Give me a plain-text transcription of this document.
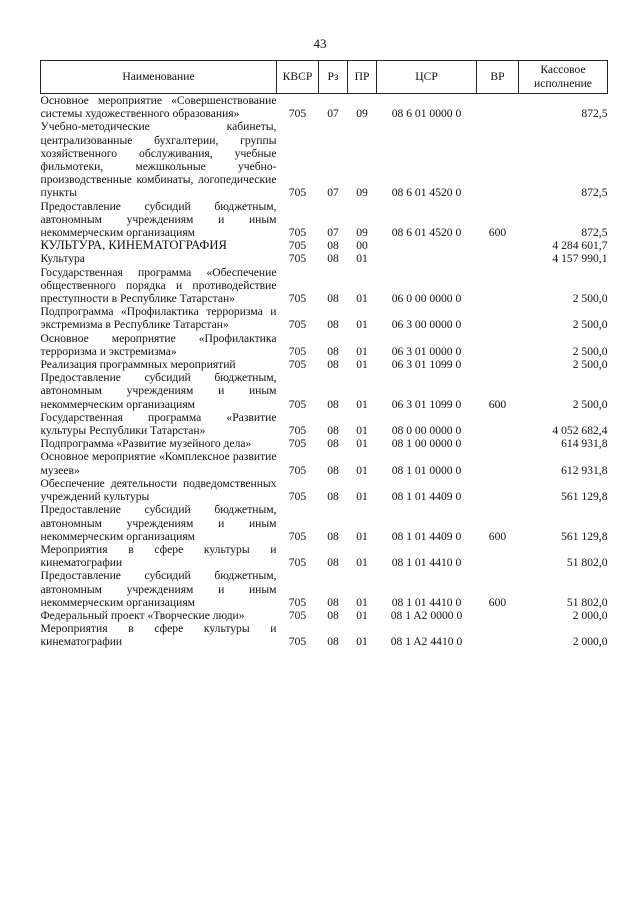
43
Наименование	КВСР	Рз	ПР	ЦСР	ВР	Кассовое исполнение
Основное мероприятие «Совершенствование системы художественного образования»	705	07	09	08 6 01 0000 0		872,5
Учебно-методические кабинеты, централизованные бухгалтерии, группы хозяйственного обслуживания, учебные фильмотеки, межшкольные учебно-производственные комбинаты, логопедические пункты	705	07	09	08 6 01 4520 0		872,5
Предоставление субсидий бюджетным, автономным учреждениям и иным некоммерческим организациям	705	07	09	08 6 01 4520 0	600	872,5
КУЛЬТУРА, КИНЕМАТОГРАФИЯ	705	08	00			4 284 601,7
Культура	705	08	01			4 157 990,1
Государственная программа «Обеспечение общественного порядка и противодействие преступности в Республике Татарстан»	705	08	01	06 0 00 0000 0		2 500,0
Подпрограмма «Профилактика терроризма и экстремизма в Республике Татарстан»	705	08	01	06 3 00 0000 0		2 500,0
Основное мероприятие «Профилактика терроризма и экстремизма»	705	08	01	06 3 01 0000 0		2 500,0
Реализация программных мероприятий	705	08	01	06 3 01 1099 0		2 500,0
Предоставление субсидий бюджетным, автономным учреждениям и иным некоммерческим организациям	705	08	01	06 3 01 1099 0	600	2 500,0
Государственная программа «Развитие культуры Республики Татарстан»	705	08	01	08 0 00 0000 0		4 052 682,4
Подпрограмма «Развитие музейного дела»	705	08	01	08 1 00 0000 0		614 931,8
Основное мероприятие «Комплексное развитие музеев»	705	08	01	08 1 01 0000 0		612 931,8
Обеспечение деятельности подведомственных учреждений культуры	705	08	01	08 1 01 4409 0		561 129,8
Предоставление субсидий бюджетным, автономным учреждениям и иным некоммерческим организациям	705	08	01	08 1 01 4409 0	600	561 129,8
Мероприятия в сфере культуры и кинематографии	705	08	01	08 1 01 4410 0		51 802,0
Предоставление субсидий бюджетным, автономным учреждениям и иным некоммерческим организациям	705	08	01	08 1 01 4410 0	600	51 802,0
Федеральный проект «Творческие люди»	705	08	01	08 1 A2 0000 0		2 000,0
Мероприятия в сфере культуры и кинематографии	705	08	01	08 1 A2 4410 0		2 000,0
